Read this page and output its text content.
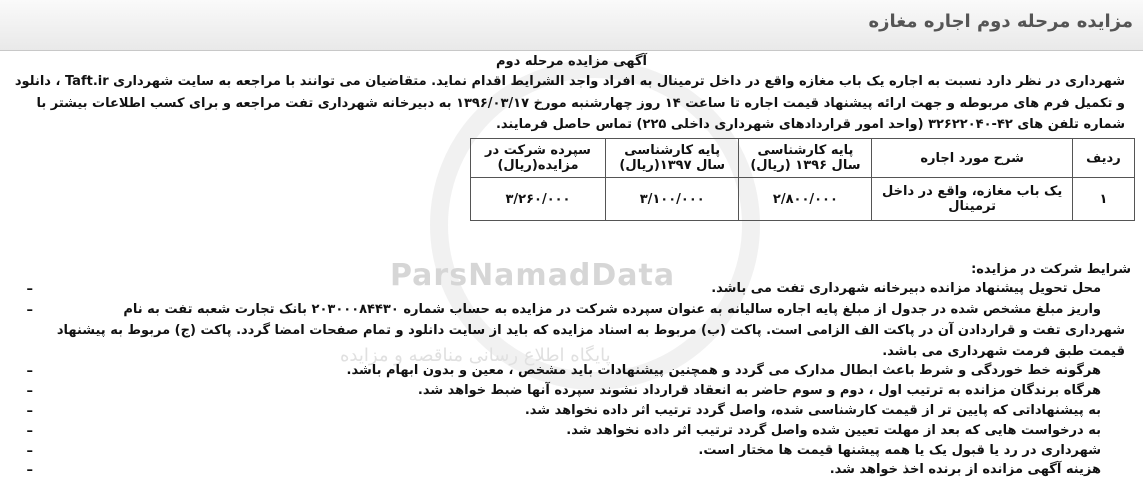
مزایده مرحله دوم اجاره مغازه
ParsNamadData
پایگاه اطلاع رسانی مناقصه و مزایده
آگهی مزایده مرحله دوم
شهرداری در نظر دارد نسبت به اجاره یک باب مغازه واقع در داخل ترمینال به افراد واجد الشرایط اقدام نماید. متقاضیان می توانند با مراجعه به سایت شهرداری Taft.ir ، دانلود
و تکمیل فرم های مربوطه و جهت ارائه پیشنهاد قیمت اجاره تا ساعت ۱۴ روز چهارشنبه مورخ ۱۳۹۶/۰۳/۱۷ به دبیرخانه شهرداری تفت مراجعه و برای کسب اطلاعات بیشتر با
شماره تلفن های ۴۲-۳۲۶۲۲۰۴۰ (واحد امور قراردادهای شهرداری داخلی ۲۲۵) تماس حاصل فرمایند.
ردیف	شرح مورد اجاره	پایه کارشناسی سال ۱۳۹۶ (ریال)	پایه کارشناسی سال ۱۳۹۷(ریال)	سپرده شرکت در مزایده(ریال)
۱	یک باب مغازه، واقع در داخل ترمینال	۲/۸۰۰/۰۰۰	۳/۱۰۰/۰۰۰	۳/۲۶۰/۰۰۰
شرایط شرکت در مزایده:
–	محل تحویل پیشنهاد مزانده دبیرخانه شهرداری تفت می باشد.
–	واریز مبلغ مشخص شده در جدول از مبلغ پایه اجاره سالیانه به عنوان سپرده شرکت در مزایده به حساب شماره ۲۰۳۰۰۰۸۴۴۳۰ بانک تجارت شعبه تفت به نام
شهرداری تفت و قراردادن آن در پاکت الف الزامی است. پاکت (ب) مربوط به اسناد مزایده که باید از سایت دانلود و تمام صفحات امضا گردد. پاکت (ج) مربوط به پیشنهاد
قیمت طبق فرمت شهرداری می باشد.
–	هرگونه خط خوردگی و شرط باعث ابطال مدارک می گردد و همچنین پیشنهادات باید مشخص ، معین و بدون ابهام باشد.
–	هرگاه برندگان مزانده به ترتیب اول ، دوم و سوم حاضر به انعقاد قرارداد نشوند سپرده آنها ضبط خواهد شد.
–	به پیشنهاداتی که پایین تر از قیمت کارشناسی شده، واصل گردد ترتیب اثر داده نخواهد شد.
–	به درخواست هایی که بعد از مهلت تعیین شده واصل گردد ترتیب اثر داده نخواهد شد.
–	شهرداری در رد یا قبول یک یا همه پیشنها قیمت ها مختار است.
–	هزینه آگهی مزانده از برنده اخذ خواهد شد.
